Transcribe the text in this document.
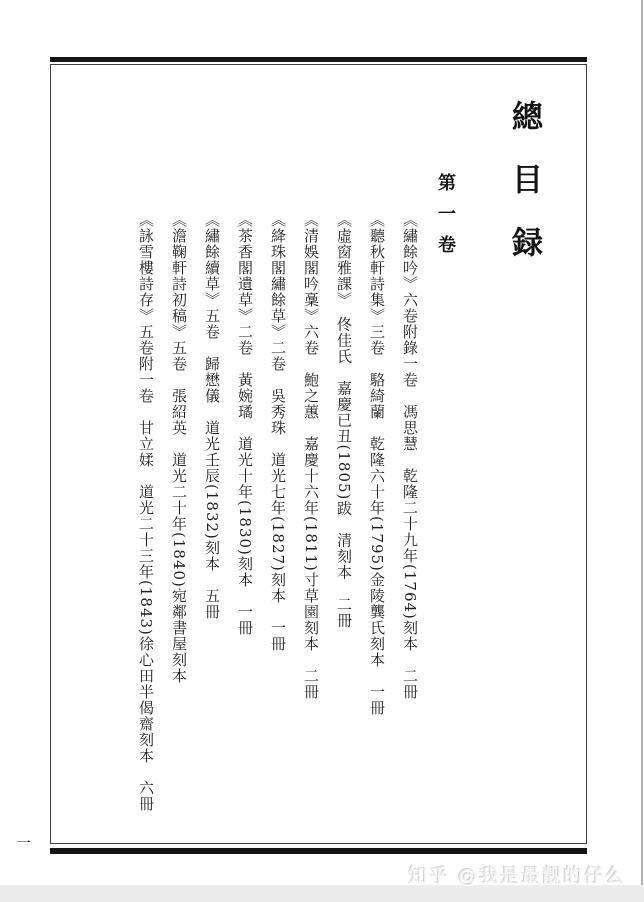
總目録
第一卷
《繡餘吟》六卷附錄一卷　馮思慧　乾隆二十九年(1764)刻本　二冊
《聽秋軒詩集》三卷　駱綺蘭　乾隆六十年(1795)金陵龔氏刻本　一冊
《虛窗雅課》　佟佳氏　嘉慶已丑(1805)跋　清刻本　二冊
《清娛閣吟稾》六卷　鮑之蕙　嘉慶十六年(1811)寸草園刻本　二冊
《絳珠閣繡餘草》二卷　吳秀珠　道光七年(1827)刻本　一冊
《茶香閣遺草》二卷　黃婉璚　道光十年(1830)刻本　一冊
《繡餘續草》五卷　歸懋儀　道光壬辰(1832)刻本　五冊
《澹鞠軒詩初稿》五卷　張紹英　道光二十年(1840)宛鄰書屋刻本
《詠雪樓詩存》五卷附一卷　甘立媃　道光二十三年(1843)徐心田半偈齋刻本　六冊
一
知乎 @我是最靓的仔么
